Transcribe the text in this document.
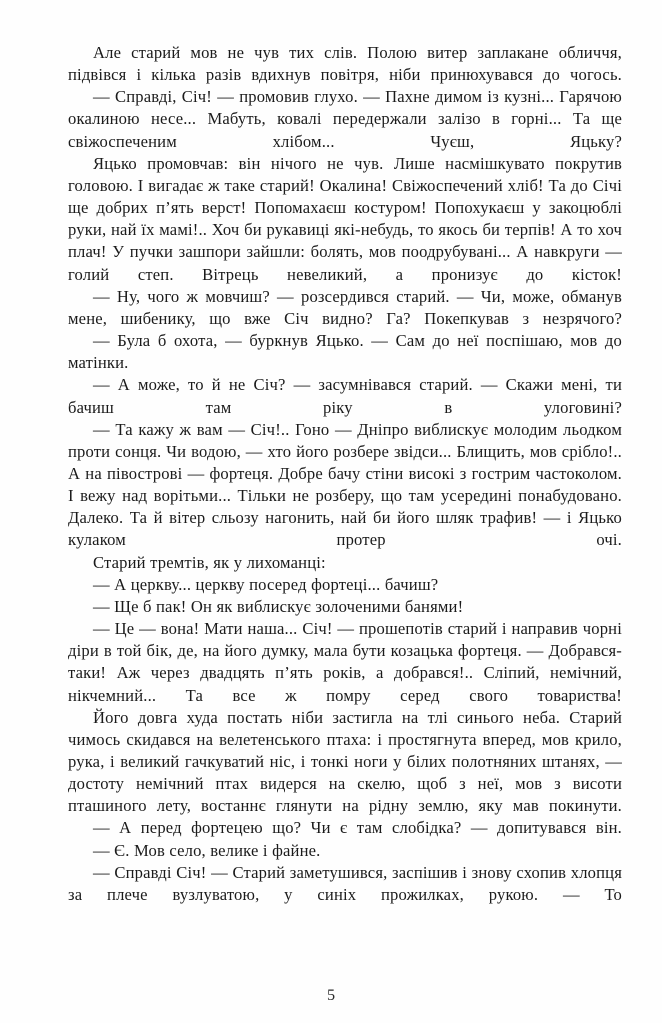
Але старий мов не чув тих слів. Полою витер заплакане обличчя, підвівся і кілька разів вдихнув повітря, ніби принюхувався до чогось.

— Справді, Січ! — промовив глухо. — Пахне димом із кузні... Гарячою окалиною несе... Мабуть, ковалі передержали залізо в горні... Та ще свіжоспеченим хлібом... Чуєш, Яцьку?

Яцько промовчав: він нічого не чув. Лише насмішкувато покрутив головою. І вигадає ж таке старий! Окалина! Свіжоспечений хліб! Та до Січі ще добрих п’ять верст! Попомахаєш костуром! Попохукаєш у закоцюблі руки, най їх мамі!.. Хоч би рукавиці які-небудь, то якось би терпів! А то хоч плач! У пучки зашпори зайшли: болять, мов поодрубувані... А навкруги — голий степ. Вітрець невеликий, а пронизує до кісток!

— Ну, чого ж мовчиш? — розсердився старий. — Чи, може, обманув мене, шибенику, що вже Січ видно? Га? Покепкував з незрячого?

— Була б охота, — буркнув Яцько. — Сам до неї поспішаю, мов до матінки.

— А може, то й не Січ? — засумнівався старий. — Скажи мені, ти бачиш там ріку в улоговині?

— Та кажу ж вам — Січ!.. Гоно — Дніпро виблискує молодим льодком проти сонця. Чи водою, — хто його розбере звідси... Блищить, мов срібло!.. А на півострові — фортеця. Добре бачу стіни високі з гострим частоколом. І вежу над ворітьми... Тільки не розберу, що там усередині понабудовано. Далеко. Та й вітер сльозу нагонить, най би його шляк трафив! — і Яцько кулаком протер очі.

Старий тремтів, як у лихоманці:

— А церкву... церкву посеред фортеці... бачиш?

— Ще б пак! Он як виблискує золоченими банями!

— Це — вона! Мати наша... Січ! — прошепотів старий і направив чорні діри в той бік, де, на його думку, мала бути козацька фортеця. — Добрався-таки! Аж через двадцять п’ять років, а добрався!.. Сліпий, немічний, нікчемний... Та все ж помру серед свого товариства!

Його довга худа постать ніби застигла на тлі синього неба. Старий чимось скидався на велетенського птаха: і простягнута вперед, мов крило, рука, і великий гачкуватий ніс, і тонкі ноги у білих полотняних штанях, — достоту немічний птах видерся на скелю, щоб з неї, мов з висоти пташиного лету, востаннє глянути на рідну землю, яку мав покинути.

— А перед фортецею що? Чи є там слобідка? — допитувався він.

— Є. Мов село, велике і файне.

— Справді Січ! — Старий заметушився, заспішив і знову схопив хлопця за плече вузлуватою, у синіх прожилках, рукою. — То

5
